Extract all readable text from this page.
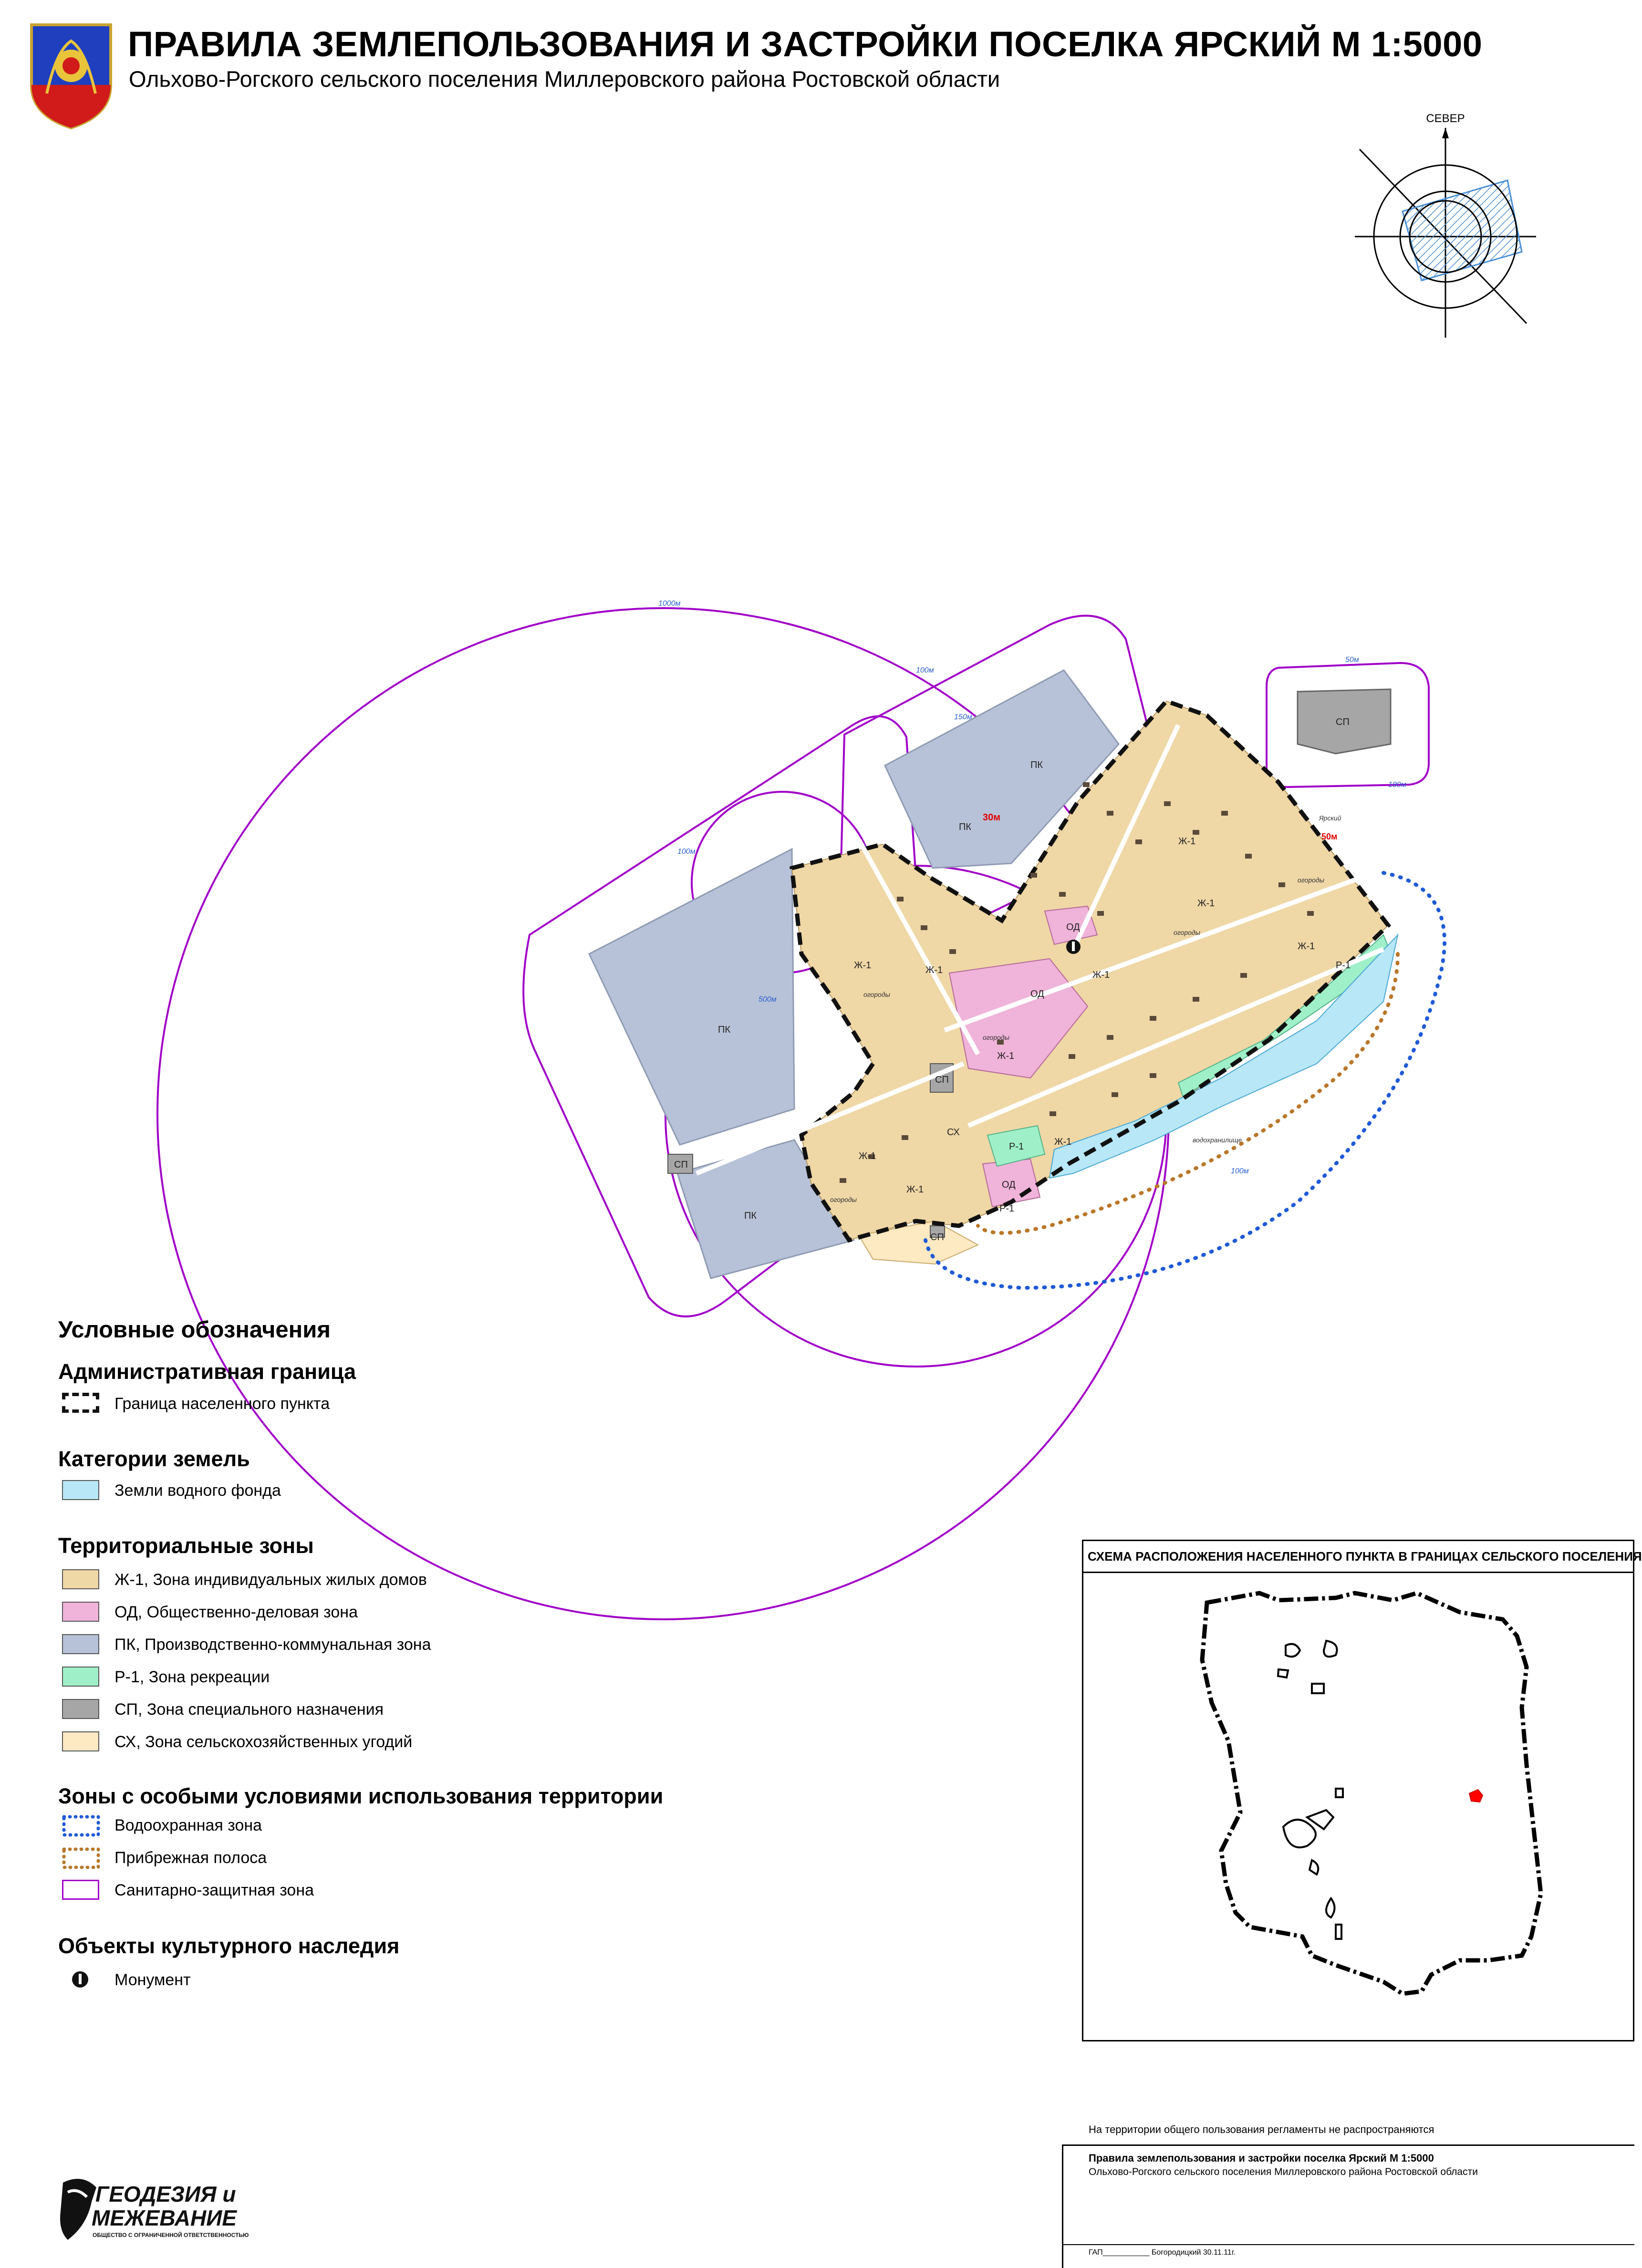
1000м
100м
150м
100м
500м
50м
180м
100м
30м
50м
ПК
ПК
ПК
ПК
СП
СП
СП
СП
ОД
ОД
ОД
Ж-1	Ж-1
Ж-1
Ж-1
Ж-1
Ж-1
Ж-1
Ж-1
Ж-1
Ж-1
Р-1
Р-1
Р-1
СХ
Ярский
водохранилище
огороды
огороды
огороды
огороды
огороды
ПРАВИЛА ЗЕМЛЕПОЛЬЗОВАНИЯ И ЗАСТРОЙКИ ПОСЕЛКА ЯРСКИЙ М 1:5000
Ольхово-Рогского сельского поселения Миллеровского района Ростовской области
СЕВЕР
Условные обозначения
Административная граница
Граница населенного пункта
Категории земель
Земли водного фонда
Территориальные зоны
Ж-1, Зона индивидуальных жилых домов
ОД, Общественно-деловая зона
ПК, Производственно-коммунальная зона
Р-1, Зона рекреации
СП, Зона специального назначения
СХ, Зона сельскохозяйственных угодий
Зоны с особыми условиями использования территории
Водоохранная зона
Прибрежная полоса
Санитарно-защитная зона
Объекты культурного наследия
Монумент
СХЕМА РАСПОЛОЖЕНИЯ НАСЕЛЕННОГО ПУНКТА В ГРАНИЦАХ СЕЛЬСКОГО ПОСЕЛЕНИЯ
На территории общего пользования регламенты не распространяются
Правила землепользования и застройки поселка Ярский М 1:5000
Ольхово-Рогского сельского поселения Миллеровского района Ростовской области
ГАП___________ Богородицкий 30.11.11г.
ГЕОДЕЗИЯ и
МЕЖЕВАНИЕ
ОБЩЕСТВО С ОГРАНИЧЕННОЙ ОТВЕТСТВЕННОСТЬЮ
